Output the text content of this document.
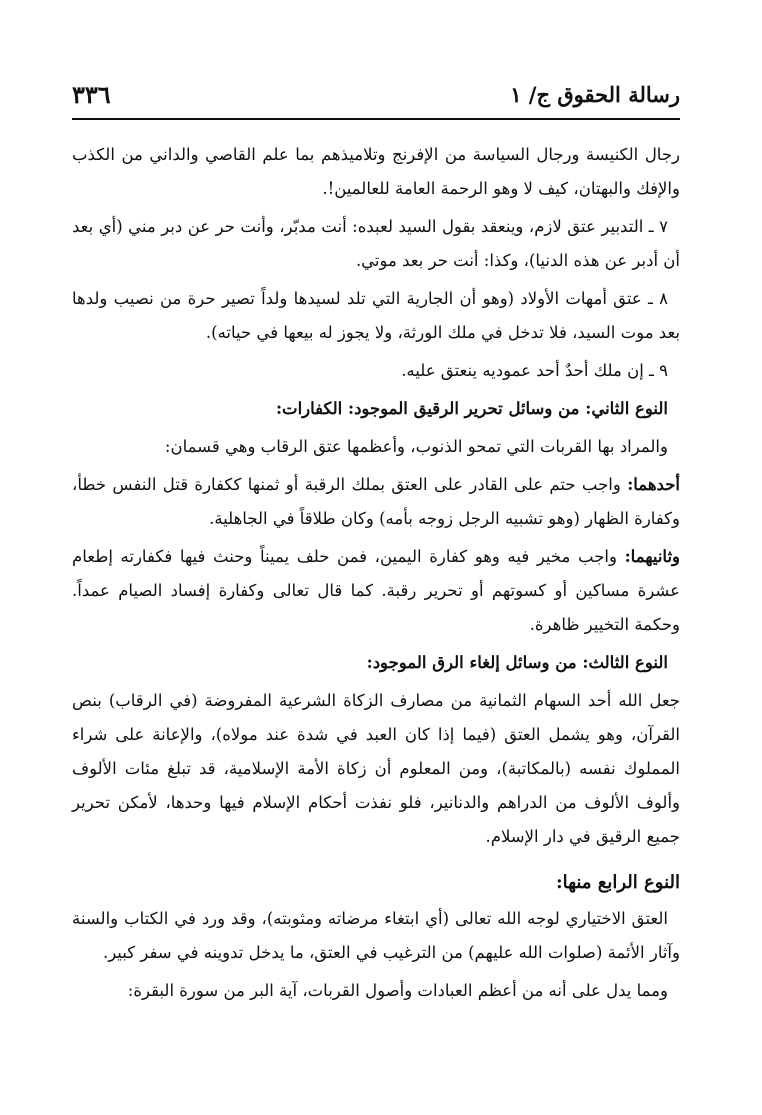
رسالة الحقوق ج/ ١
٣٣٦

رجال الكنيسة ورجال السياسة من الإفرنج وتلاميذهم بما علم القاصي والداني من الكذب والإفك والبهتان، كيف لا وهو الرحمة العامة للعالمين!.

٧ ـ التدبير عتق لازم، وينعقد بقول السيد لعبده: أنت مدبّر، وأنت حر عن دبر مني (أي بعد أن أدبر عن هذه الدنيا)، وكذا: أنت حر بعد موتي.

٨ ـ عتق أمهات الأولاد (وهو أن الجارية التي تلد لسيدها ولداً تصير حرة من نصيب ولدها بعد موت السيد، فلا تدخل في ملك الورثة، ولا يجوز له بيعها في حياته).

٩ ـ إن ملك أحدٌ أحد عموديه ينعتق عليه.

النوع الثاني: من وسائل تحرير الرقيق الموجود: الكفارات:

والمراد بها القربات التي تمحو الذنوب، وأعظمها عتق الرقاب وهي قسمان:

أحدهما: واجب حتم على القادر على العتق بملك الرقبة أو ثمنها ككفارة قتل النفس خطأ، وكفارة الظهار (وهو تشبيه الرجل زوجه بأمه) وكان طلاقاً في الجاهلية.

وثانيهما: واجب مخير فيه وهو كفارة اليمين، فمن حلف يميناً وحنث فيها فكفارته إطعام عشرة مساكين أو كسوتهم أو تحرير رقبة. كما قال تعالى وكفارة إفساد الصيام عمداً. وحكمة التخيير ظاهرة.

النوع الثالث: من وسائل إلغاء الرق الموجود:

جعل الله أحد السهام الثمانية من مصارف الزكاة الشرعية المفروضة (في الرقاب) بنص القرآن، وهو يشمل العتق (فيما إذا كان العبد في شدة عند مولاه)، والإعانة على شراء المملوك نفسه (بالمكاتبة)، ومن المعلوم أن زكاة الأمة الإسلامية، قد تبلغ مئات الألوف وألوف الألوف من الدراهم والدنانير، فلو نفذت أحكام الإسلام فيها وحدها، لأمكن تحرير جميع الرقيق في دار الإسلام.

النوع الرابع منها:

العتق الاختياري لوجه الله تعالى (أي ابتغاء مرضاته ومثوبته)، وقد ورد في الكتاب والسنة وآثار الأئمة (صلوات الله عليهم) من الترغيب في العتق، ما يدخل تدوينه في سفر كبير.

ومما يدل على أنه من أعظم العبادات وأصول القربات، آية البر من سورة البقرة:
